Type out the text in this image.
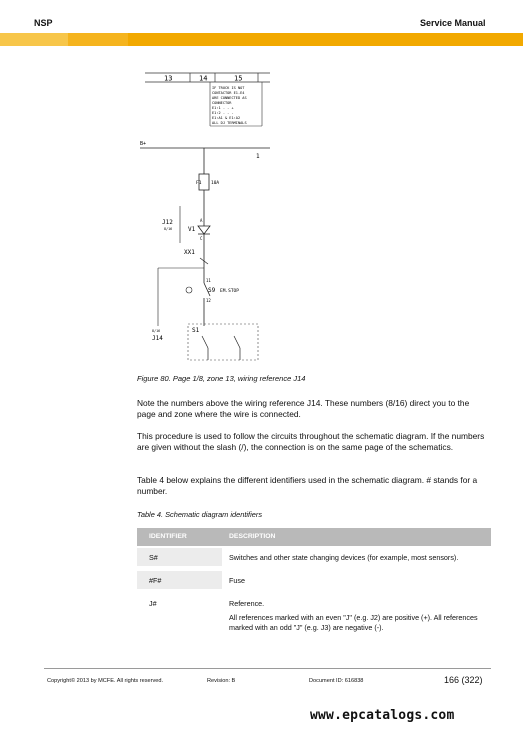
NSP	Service Manual
13	14	15
IF TRUCK IS NOT
CONTACTOR E1-E4
ARE CONNECTED AS
CONNECTOR
E1:1 - - +
E1:2 - - -
E1:A1 & E1:A2
ALL DJ TERMINALS
B+
1
F1 10A
J12
8/16
A
V1
C
XX1
8/16
J14
11
S9 EM.STOP
12
S1
Figure 80. Page 1/8, zone 13, wiring reference J14

Note the numbers above the wiring reference J14. These numbers (8/16) direct you to the page and zone where the wire is connected.

This procedure is used to follow the circuits throughout the schematic diagram. If the numbers are given without the slash (/), the connection is on the same page of the schematics.

Table 4 below explains the different identifiers used in the schematic diagram. # stands for a number.

Table 4. Schematic diagram identifiers
IDENTIFIER	DESCRIPTION
S#	Switches and other state changing devices (for example, most sensors).
#F#	Fuse
J#	Reference.
All references marked with an even "J" (e.g. J2) are positive (+). All references marked with an odd "J" (e.g. J3) are negative (-).
Copyright© 2013 by MCFE. All rights reserved.	Revision: B	Document ID: 616838	166 (322)
www.epcatalogs.com
